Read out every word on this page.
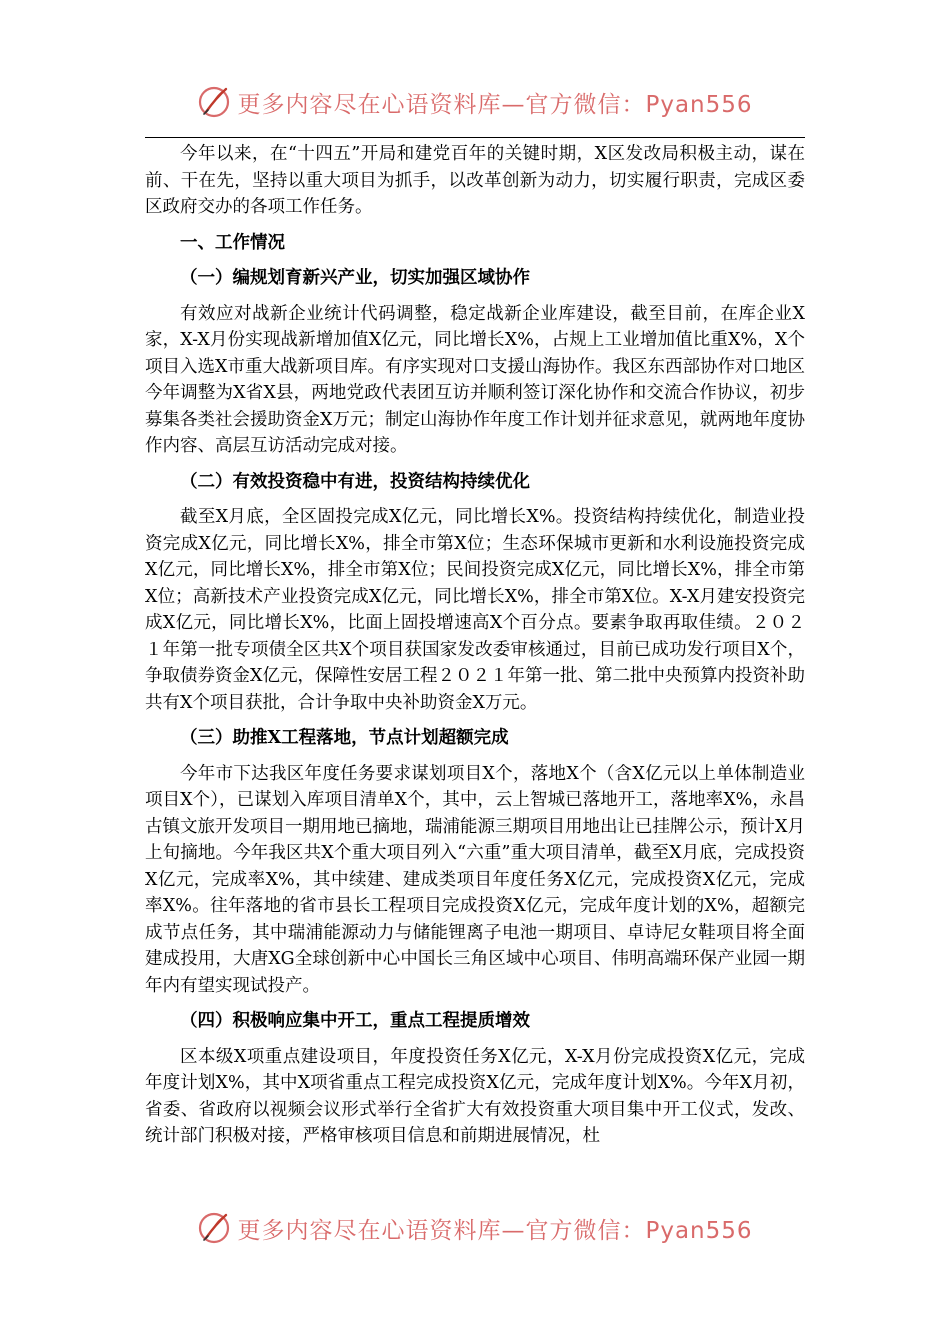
更多内容尽在心语资料库—官方微信：Pyan556

今年以来，在“十四五”开局和建党百年的关键时期，X区发改局积极主动，谋在前、干在先，坚持以重大项目为抓手，以改革创新为动力，切实履行职责，完成区委区政府交办的各项工作任务。

一、工作情况

（一）编规划育新兴产业，切实加强区域协作

有效应对战新企业统计代码调整，稳定战新企业库建设，截至目前，在库企业X家，X-X月份实现战新增加值X亿元，同比增长X%，占规上工业增加值比重X%，X个项目入选X市重大战新项目库。有序实现对口支援山海协作。我区东西部协作对口地区今年调整为X省X县，两地党政代表团互访并顺利签订深化协作和交流合作协议，初步募集各类社会援助资金X万元；制定山海协作年度工作计划并征求意见，就两地年度协作内容、高层互访活动完成对接。

（二）有效投资稳中有进，投资结构持续优化

截至X月底，全区固投完成X亿元，同比增长X%。投资结构持续优化，制造业投资完成X亿元，同比增长X%，排全市第X位；生态环保城市更新和水利设施投资完成X亿元，同比增长X%，排全市第X位；民间投资完成X亿元，同比增长X%，排全市第X位；高新技术产业投资完成X亿元，同比增长X%，排全市第X位。X-X月建安投资完成X亿元，同比增长X%，比面上固投增速高X个百分点。要素争取再取佳绩。２０２１年第一批专项债全区共X个项目获国家发改委审核通过，目前已成功发行项目X个，争取债券资金X亿元，保障性安居工程２０２１年第一批、第二批中央预算内投资补助共有X个项目获批，合计争取中央补助资金X万元。

（三）助推X工程落地，节点计划超额完成

今年市下达我区年度任务要求谋划项目X个，落地X个（含X亿元以上单体制造业项目X个），已谋划入库项目清单X个，其中，云上智城已落地开工，落地率X%，永昌古镇文旅开发项目一期用地已摘地，瑞浦能源三期项目用地出让已挂牌公示，预计X月上旬摘地。今年我区共X个重大项目列入“六重”重大项目清单，截至X月底，完成投资X亿元，完成率X%，其中续建、建成类项目年度任务X亿元，完成投资X亿元，完成率X%。往年落地的省市县长工程项目完成投资X亿元，完成年度计划的X%，超额完成节点任务，其中瑞浦能源动力与储能锂离子电池一期项目、卓诗尼女鞋项目将全面建成投用，大唐XG全球创新中心中国长三角区域中心项目、伟明高端环保产业园一期年内有望实现试投产。

（四）积极响应集中开工，重点工程提质增效

区本级X项重点建设项目，年度投资任务X亿元，X-X月份完成投资X亿元，完成年度计划X%，其中X项省重点工程完成投资X亿元，完成年度计划X%。今年X月初，省委、省政府以视频会议形式举行全省扩大有效投资重大项目集中开工仪式，发改、统计部门积极对接，严格审核项目信息和前期进展情况，杜

更多内容尽在心语资料库—官方微信：Pyan556
